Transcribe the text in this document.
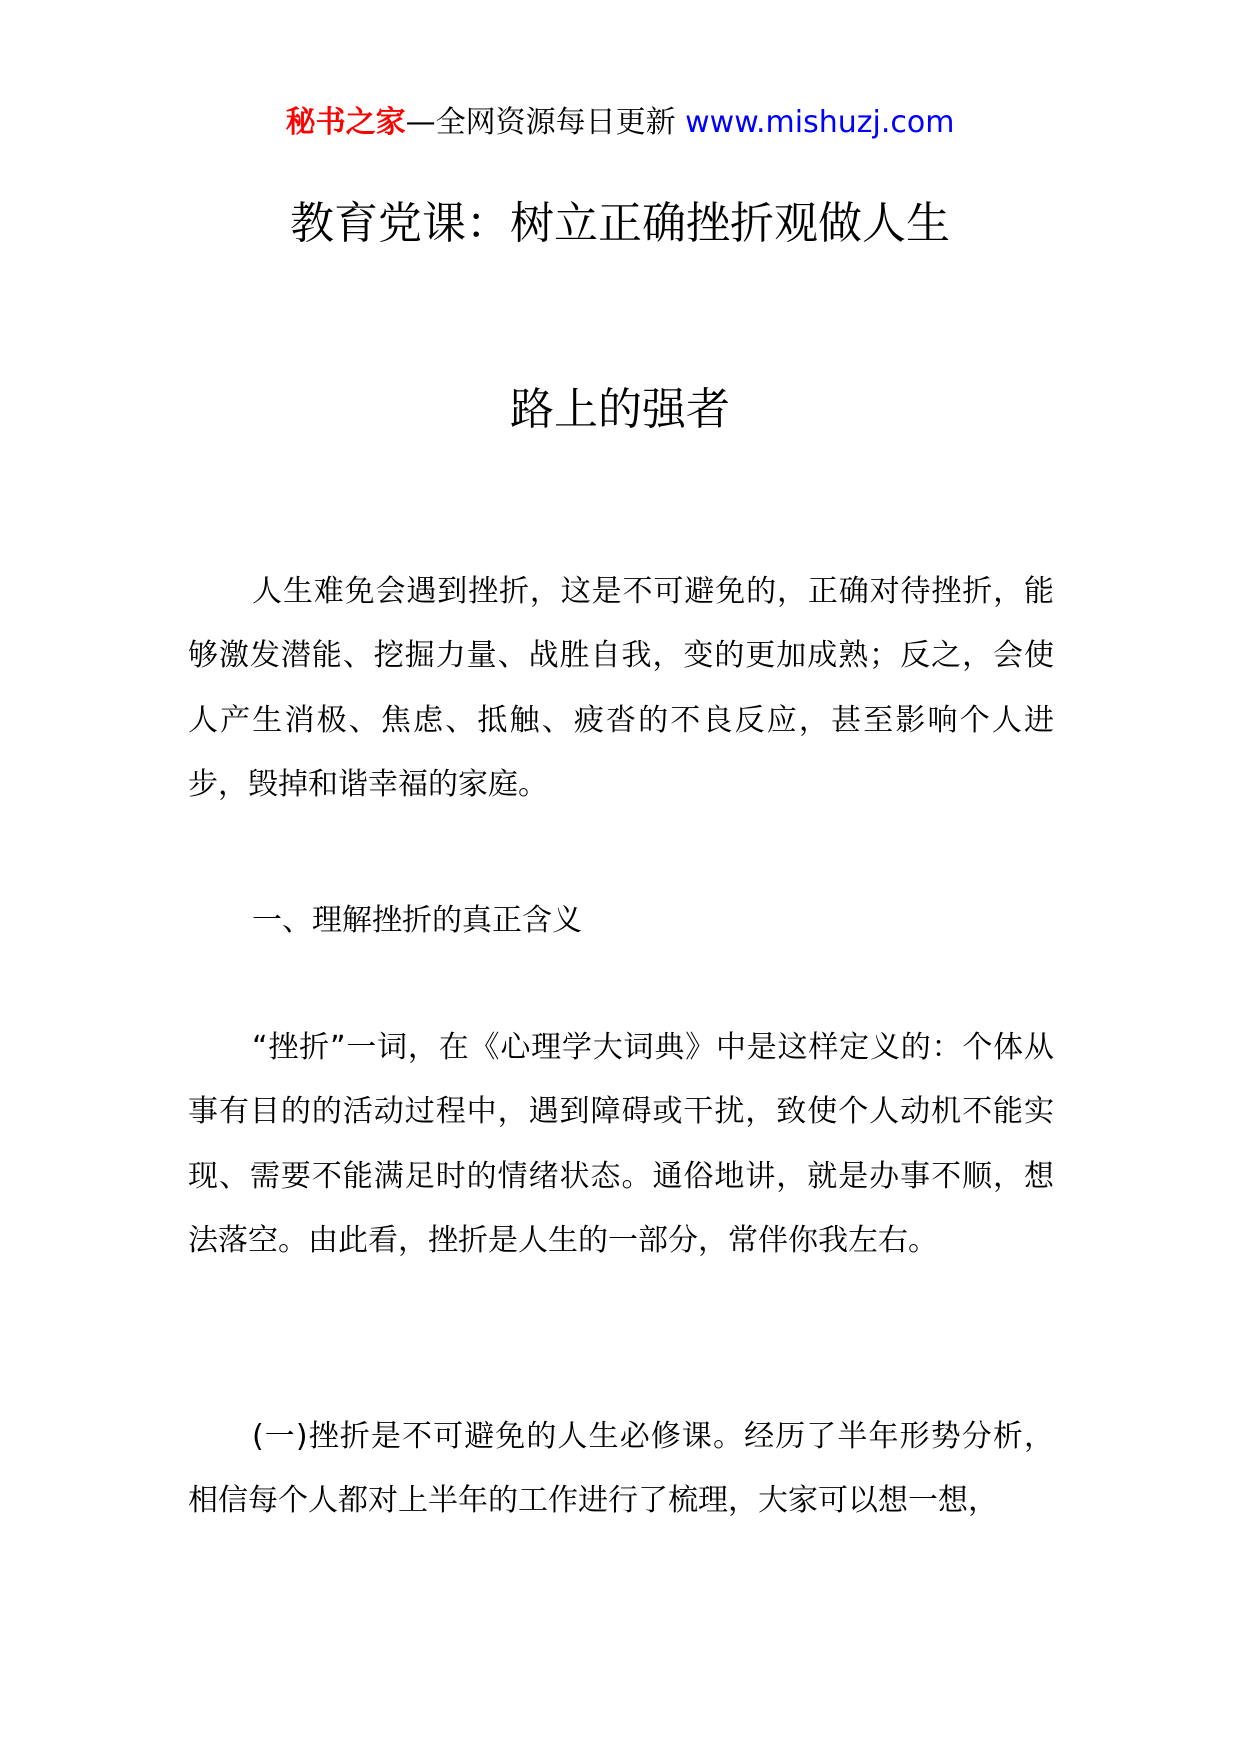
秘书之家—全网资源每日更新 www.mishuzj.com
教育党课：树立正确挫折观做人生
路上的强者

人生难免会遇到挫折，这是不可避免的，正确对待挫折，能够激发潜能、挖掘力量、战胜自我，变的更加成熟；反之，会使人产生消极、焦虑、抵触、疲沓的不良反应，甚至影响个人进步，毁掉和谐幸福的家庭。

一、理解挫折的真正含义

“挫折”一词，在《心理学大词典》中是这样定义的：个体从事有目的的活动过程中，遇到障碍或干扰，致使个人动机不能实现、需要不能满足时的情绪状态。通俗地讲，就是办事不顺，想法落空。由此看，挫折是人生的一部分，常伴你我左右。

(一)挫折是不可避免的人生必修课。经历了半年形势分析，相信每个人都对上半年的工作进行了梳理，大家可以想一想，
